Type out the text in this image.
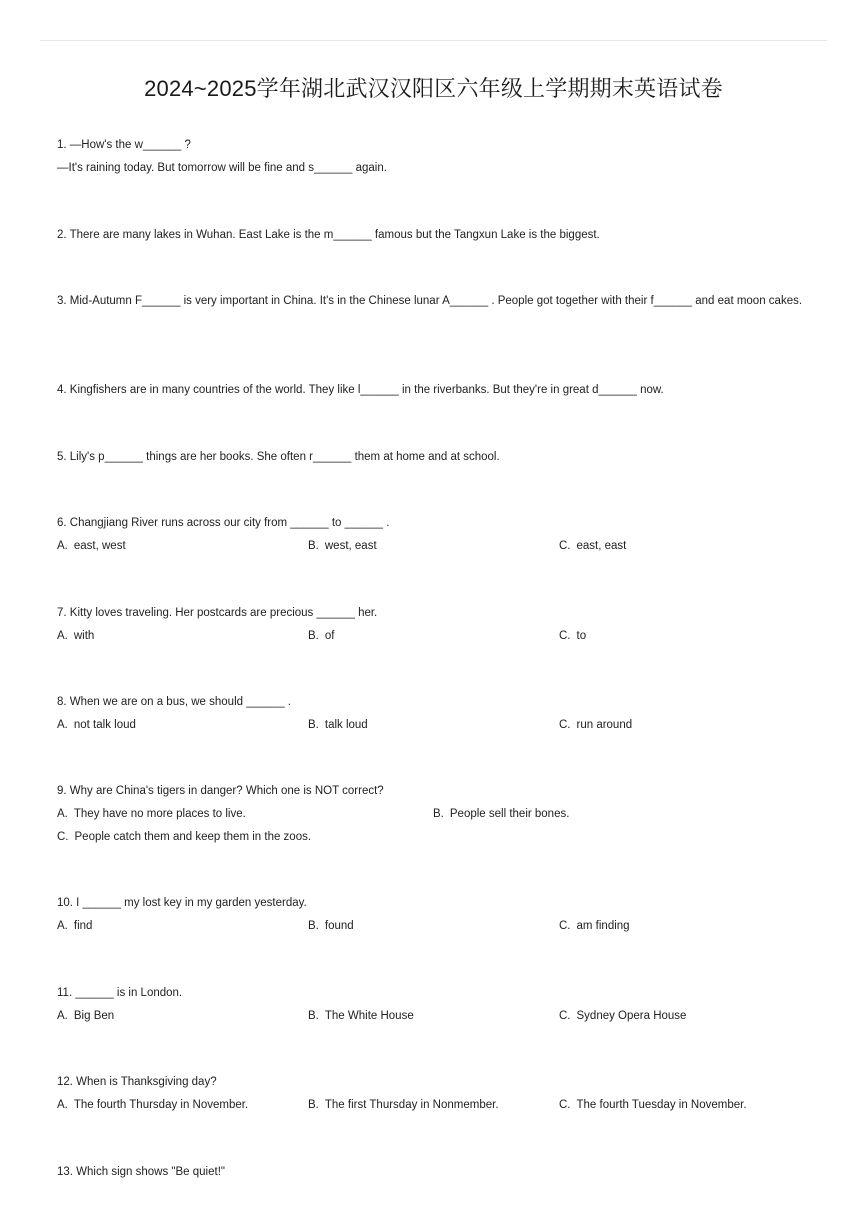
2024~2025学年湖北武汉汉阳区六年级上学期期末英语试卷
1. —How's the w______ ?
—It's raining today. But tomorrow will be fine and s______ again.
2. There are many lakes in Wuhan. East Lake is the m______ famous but the Tangxun Lake is the biggest.
3. Mid-Autumn F______ is very important in China. It's in the Chinese lunar A______ . People got together with their f______ and eat moon cakes.
4. Kingfishers are in many countries of the world. They like l______ in the riverbanks. But they're in great d______ now.
5. Lily's p______ things are her books. She often r______ them at home and at school.
6. Changjiang River runs across our city from ______ to ______ .
A. east, west	B. west, east	C. east, east
7. Kitty loves traveling. Her postcards are precious ______ her.
A. with	B. of	C. to
8. When we are on a bus, we should ______ .
A. not talk loud	B. talk loud	C. run around
9. Why are China's tigers in danger? Which one is NOT correct?
A. They have no more places to live.	B. People sell their bones.
C. People catch them and keep them in the zoos.
10. I ______ my lost key in my garden yesterday.
A. find	B. found	C. am finding
11. ______ is in London.
A. Big Ben	B. The White House	C. Sydney Opera House
12. When is Thanksgiving day?
A. The fourth Thursday in November.	B. The first Thursday in Nonmember.	C. The fourth Tuesday in November.
13. Which sign shows "Be quiet!"
